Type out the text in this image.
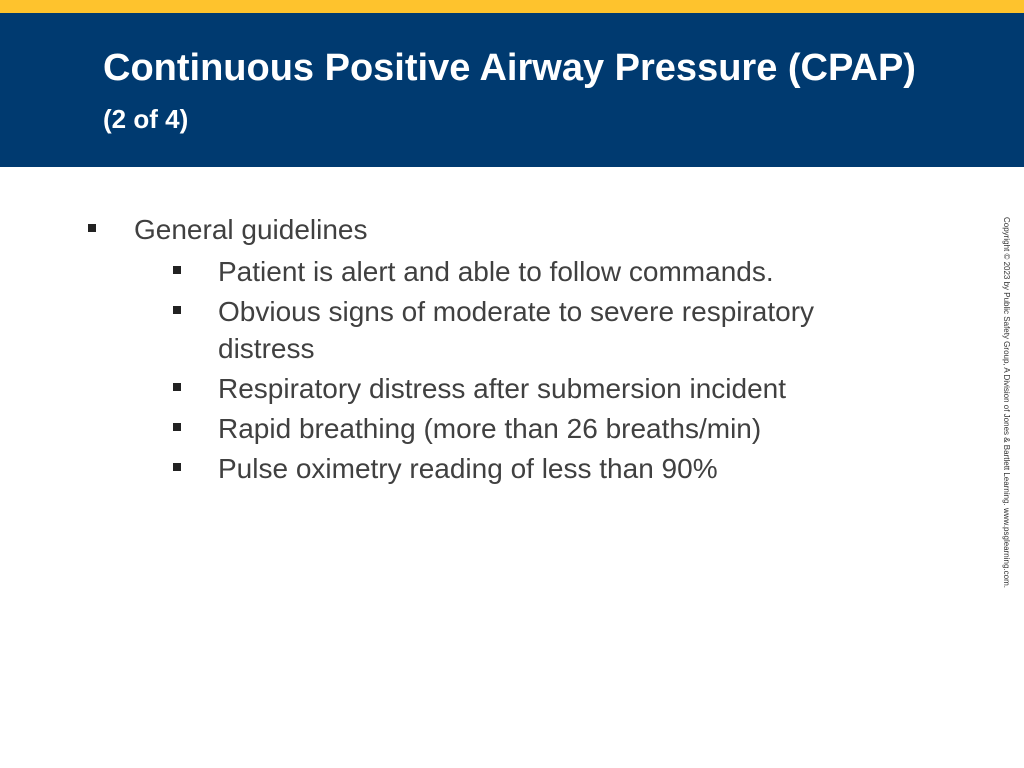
Continuous Positive Airway Pressure (CPAP) (2 of 4)
General guidelines
Patient is alert and able to follow commands.
Obvious signs of moderate to severe respiratory distress
Respiratory distress after submersion incident
Rapid breathing (more than 26 breaths/min)
Pulse oximetry reading of less than 90%	Copyright © 2023 by Public Safety Group, A Division of Jones & Bartlett Learning. www.psglearning.com.
